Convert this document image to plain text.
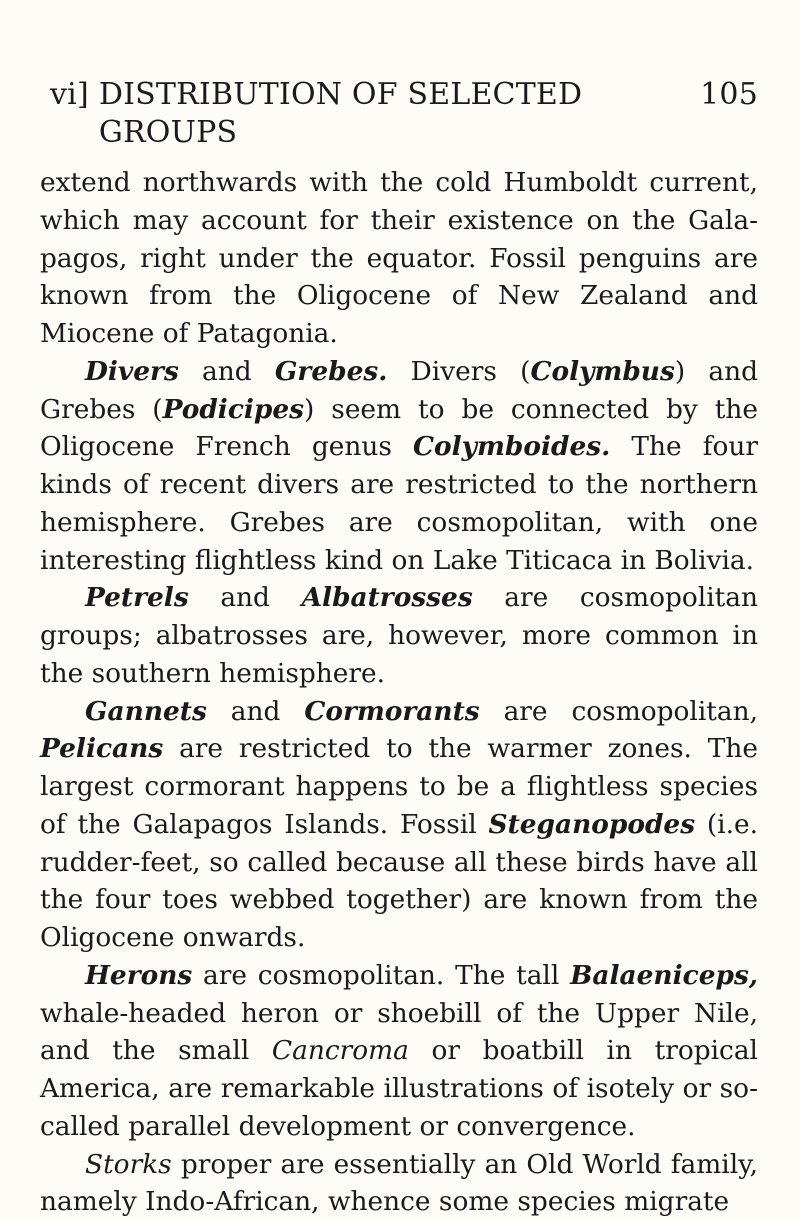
vi] DISTRIBUTION OF SELECTED GROUPS
105

extend northwards with the cold Humboldt current, which may account for their existence on the Galapagos, right under the equator. Fossil penguins are known from the Oligocene of New Zealand and Miocene of Patagonia.

Divers and Grebes. Divers (Colymbus) and Grebes (Podicipes) seem to be connected by the Oligocene French genus Colymboides. The four kinds of recent divers are restricted to the northern hemisphere. Grebes are cosmopolitan, with one interesting flightless kind on Lake Titicaca in Bolivia.

Petrels and Albatrosses are cosmopolitan groups; albatrosses are, however, more common in the southern hemisphere.

Gannets and Cormorants are cosmopolitan, Pelicans are restricted to the warmer zones. The largest cormorant happens to be a flightless species of the Galapagos Islands. Fossil Steganopodes (i.e. rudder-feet, so called because all these birds have all the four toes webbed together) are known from the Oligocene onwards.

Herons are cosmopolitan. The tall Balaeniceps, whale-headed heron or shoebill of the Upper Nile, and the small Cancroma or boatbill in tropical America, are remarkable illustrations of isotely or so-called parallel development or convergence.

Storks proper are essentially an Old World family, namely Indo-African, whence some species migrate
